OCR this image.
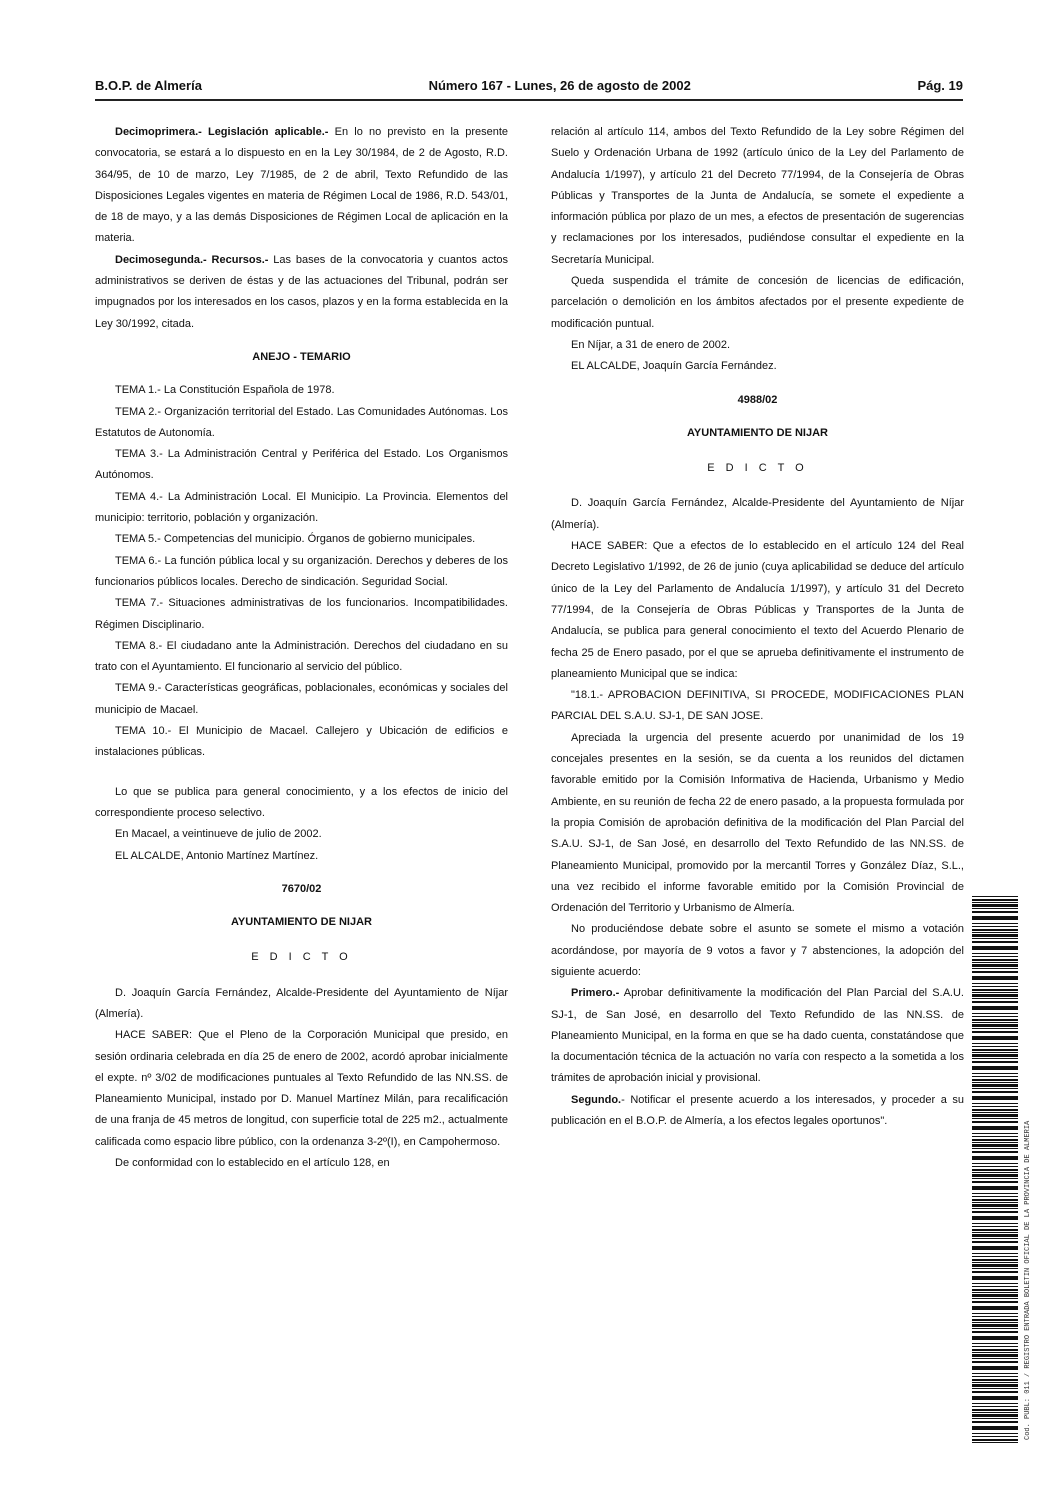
B.O.P. de Almería	Número 167 - Lunes, 26 de agosto de 2002	Pág. 19

Decimoprimera.- Legislación aplicable.- En lo no previsto en la presente convocatoria, se estará a lo dispuesto en en la Ley 30/1984, de 2 de Agosto, R.D. 364/95, de 10 de marzo, Ley 7/1985, de 2 de abril, Texto Refundido de las Disposiciones Legales vigentes en materia de Régimen Local de 1986, R.D. 543/01, de 18 de mayo, y a las demás Disposiciones de Régimen Local de aplicación en la materia.

Decimosegunda.- Recursos.- Las bases de la convocatoria y cuantos actos administrativos se deriven de éstas y de las actuaciones del Tribunal, podrán ser impugnados por los interesados en los casos, plazos y en la forma establecida en la Ley 30/1992, citada.

ANEJO - TEMARIO

TEMA 1.- La Constitución Española de 1978.

TEMA 2.- Organización territorial del Estado. Las Comunidades Autónomas. Los Estatutos de Autonomía.

TEMA 3.- La Administración Central y Periférica del Estado. Los Organismos Autónomos.

TEMA 4.- La Administración Local. El Municipio. La Provincia. Elementos del municipio: territorio, población y organización.

TEMA 5.- Competencias del municipio. Órganos de gobierno municipales.

TEMA 6.- La función pública local y su organización. Derechos y deberes de los funcionarios públicos locales. Derecho de sindicación. Seguridad Social.

TEMA 7.- Situaciones administrativas de los funcionarios. Incompatibilidades. Régimen Disciplinario.

TEMA 8.- El ciudadano ante la Administración. Derechos del ciudadano en su trato con el Ayuntamiento. El funcionario al servicio del público.

TEMA 9.- Características geográficas, poblacionales, económicas y sociales del municipio de Macael.

TEMA 10.- El Municipio de Macael. Callejero y Ubicación de edificios e instalaciones públicas.

Lo que se publica para general conocimiento, y a los efectos de inicio del correspondiente proceso selectivo.

En Macael, a veintinueve de julio de 2002.

EL ALCALDE, Antonio Martínez Martínez.

7670/02

AYUNTAMIENTO DE NIJAR

E D I C T O

D. Joaquín García Fernández, Alcalde-Presidente del Ayuntamiento de Níjar (Almería).

HACE SABER: Que el Pleno de la Corporación Municipal que presido, en sesión ordinaria celebrada en día 25 de enero de 2002, acordó aprobar inicialmente el expte. nº 3/02 de modificaciones puntuales al Texto Refundido de las NN.SS. de Planeamiento Municipal, instado por D. Manuel Martínez Milán, para recalificación de una franja de 45 metros de longitud, con superficie total de 225 m2., actualmente calificada como espacio libre público, con la ordenanza 3-2º(I), en Campohermoso.

De conformidad con lo establecido en el artículo 128, en

relación al artículo 114, ambos del Texto Refundido de la Ley sobre Régimen del Suelo y Ordenación Urbana de 1992 (artículo único de la Ley del Parlamento de Andalucía 1/1997), y artículo 21 del Decreto 77/1994, de la Consejería de Obras Públicas y Transportes de la Junta de Andalucía, se somete el expediente a información pública por plazo de un mes, a efectos de presentación de sugerencias y reclamaciones por los interesados, pudiéndose consultar el expediente en la Secretaría Municipal.

Queda suspendida el trámite de concesión de licencias de edificación, parcelación o demolición en los ámbitos afectados por el presente expediente de modificación puntual.

En Níjar, a 31 de enero de 2002.

EL ALCALDE, Joaquín García Fernández.

4988/02

AYUNTAMIENTO DE NIJAR

E D I C T O

D. Joaquín García Fernández, Alcalde-Presidente del Ayuntamiento de Níjar (Almería).

HACE SABER: Que a efectos de lo establecido en el artículo 124 del Real Decreto Legislativo 1/1992, de 26 de junio (cuya aplicabilidad se deduce del artículo único de la Ley del Parlamento de Andalucía 1/1997), y artículo 31 del Decreto 77/1994, de la Consejería de Obras Públicas y Transportes de la Junta de Andalucía, se publica para general conocimiento el texto del Acuerdo Plenario de fecha 25 de Enero pasado, por el que se aprueba definitivamente el instrumento de planeamiento Municipal que se indica:

"18.1.- APROBACION DEFINITIVA, SI PROCEDE, MODIFICACIONES PLAN PARCIAL DEL S.A.U. SJ-1, DE SAN JOSE.

Apreciada la urgencia del presente acuerdo por unanimidad de los 19 concejales presentes en la sesión, se da cuenta a los reunidos del dictamen favorable emitido por la Comisión Informativa de Hacienda, Urbanismo y Medio Ambiente, en su reunión de fecha 22 de enero pasado, a la propuesta formulada por la propia Comisión de aprobación definitiva de la modificación del Plan Parcial del S.A.U. SJ-1, de San José, en desarrollo del Texto Refundido de las NN.SS. de Planeamiento Municipal, promovido por la mercantil Torres y González Díaz, S.L., una vez recibido el informe favorable emitido por la Comisión Provincial de Ordenación del Territorio y Urbanismo de Almería.

No produciéndose debate sobre el asunto se somete el mismo a votación acordándose, por mayoría de 9 votos a favor y 7 abstenciones, la adopción del siguiente acuerdo:

Primero.- Aprobar definitivamente la modificación del Plan Parcial del S.A.U. SJ-1, de San José, en desarrollo del Texto Refundido de las NN.SS. de Planeamiento Municipal, en la forma en que se ha dado cuenta, constatándose que la documentación técnica de la actuación no varía con respecto a la sometida a los trámites de aprobación inicial y provisional.

Segundo.- Notificar el presente acuerdo a los interesados, y proceder a su publicación en el B.O.P. de Almería, a los efectos legales oportunos".	Cod. PUBL: 011 / REGISTRO ENTRADA BOLETIN OFICIAL DE LA PROVINCIA DE ALMERIA
